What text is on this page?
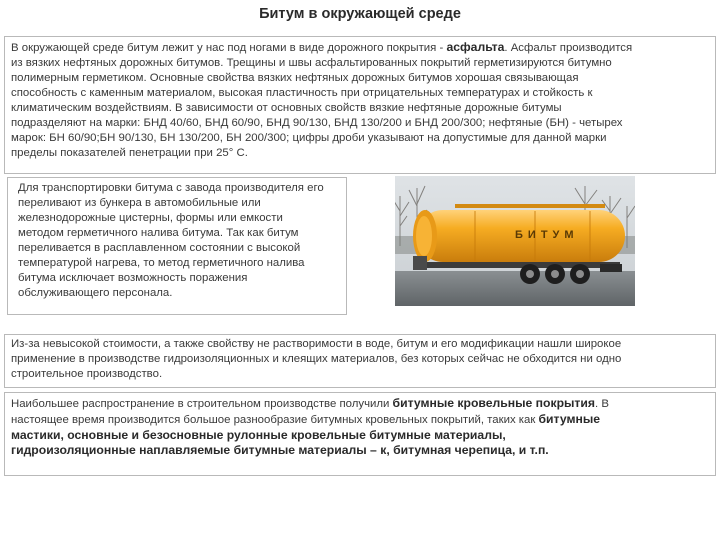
Битум в окружающей среде
В окружающей среде битум лежит у нас под ногами в виде дорожного покрытия - асфальта. Асфальт производится
из вязких нефтяных дорожных битумов. Трещины и швы асфальтированных покрытий герметизируются битумно
полимерным герметиком. Основные свойства вязких нефтяных дорожных битумов хорошая связывающая
способность с каменным материалом, высокая пластичность при отрицательных температурах и стойкость к
климатическим воздействиям. В зависимости от основных свойств вязкие нефтяные дорожные битумы
подразделяют на марки: БНД 40/60, БНД 60/90, БНД 90/130, БНД 130/200 и БНД 200/300; нефтяные (БН) - четырех
марок: БН 60/90;БН 90/130, БН 130/200, БН 200/300; цифры дроби указывают на допустимые для данной марки
пределы показателей пенетрации при 25° С.
Для транспортировки битума с завода производителя его
переливают из бункера в автомобильные или
железнодорожные цистерны, формы или емкости
методом герметичного налива битума. Так как битум
переливается в расплавленном состоянии с высокой
температурой нагрева, то метод герметичного налива
битума исключает возможность поражения
обслуживающего персонала.
БИТУМ
Из-за невысокой стоимости, а также свойству не растворимости в воде, битум и его модификации нашли широкое
применение в производстве гидроизоляционных и клеящих материалов, без которых сейчас не обходится ни одно
строительное производство.
Наибольшее распространение в строительном производстве получили битумные кровельные покрытия. В
настоящее время производится большое разнообразие битумных кровельных покрытий, таких как битумные
мастики, основные и безосновные рулонные кровельные битумные материалы,
гидроизоляционные наплавляемые битумные материалы – к, битумная черепица, и т.п.
